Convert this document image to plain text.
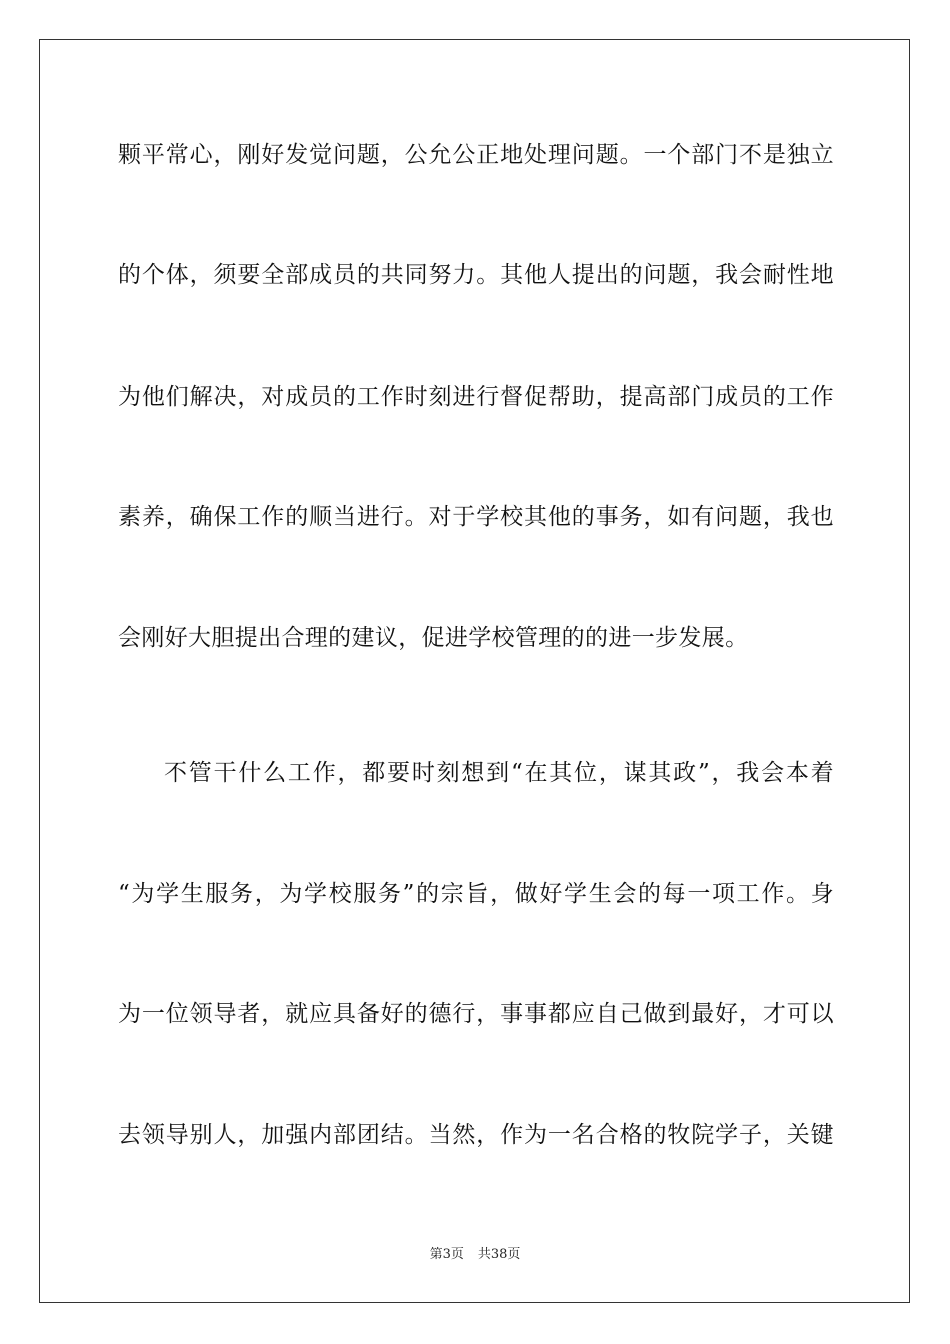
颗平常心，刚好发觉问题，公允公正地处理问题。一个部门不是独立
的个体，须要全部成员的共同努力。其他人提出的问题，我会耐性地
为他们解决，对成员的工作时刻进行督促帮助，提高部门成员的工作
素养，确保工作的顺当进行。对于学校其他的事务，如有问题，我也
会刚好大胆提出合理的建议，促进学校管理的的进一步发展。
不管干什么工作，都要时刻想到“在其位，谋其政”，我会本着
“为学生服务，为学校服务”的宗旨，做好学生会的每一项工作。身
为一位领导者，就应具备好的德行，事事都应自己做到最好，才可以
去领导别人，加强内部团结。当然，作为一名合格的牧院学子，关键
第3页 共38页
